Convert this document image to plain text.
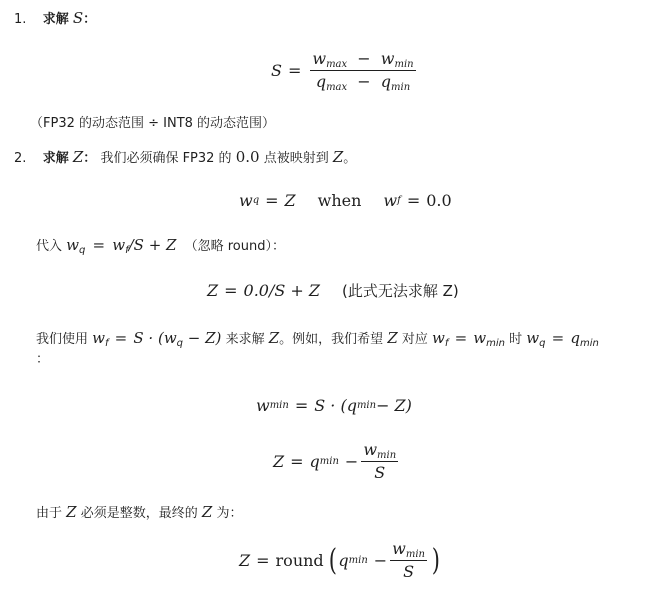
1. 求解 S：
$S = \frac{w_{max} - w_{min}}{q_{max} - q_{min}}$
（FP32 的动态范围 ÷ INT8 的动态范围）
2. 求解 Z： 我们必须确保 FP32 的 0.0 点被映射到 Z。
w q = Z when w f = 0.0
代入 $w_q = w_f/S + Z$ （忽略 round）：
Z = 0.0/S + Z (此式无法求解 Z)
我们使用 $w_f = S \cdot (w_q - Z)$ 来求解 Z。例如，我们希望 Z 对应 $w_f = w_{min}$ 时 $w_q = q_{min}$
：
w min = S · (q min − Z)
Z = q $\min - \frac{w_{min}}{S}$
由于 Z 必须是整数，最终的 Z 为：
Z = round ( q $\min - \frac{w_{min}}{S}$ )
